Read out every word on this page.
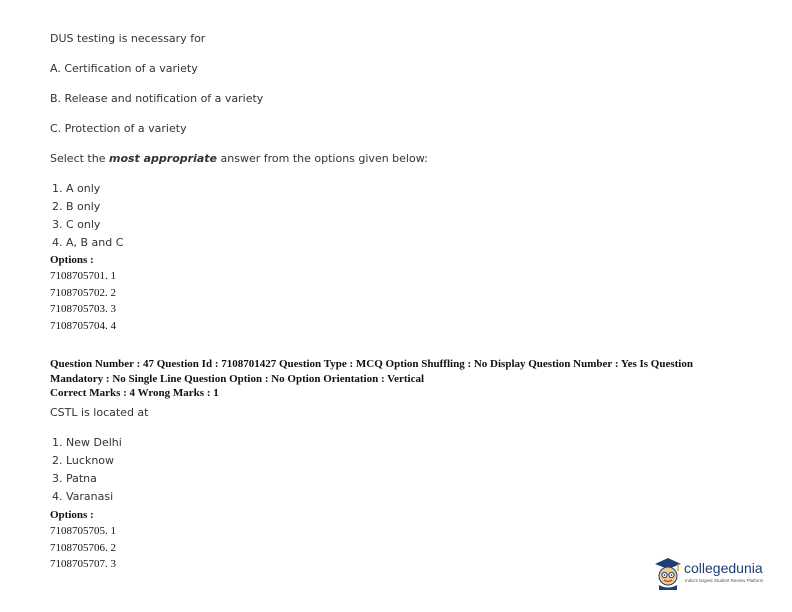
DUS testing is necessary for
A. Certification of a variety
B. Release and notification of a variety
C. Protection of a variety
Select the most appropriate answer from the options given below:
1. A only
2. B only
3. C only
4. A, B and C
Options :
7108705701. 1
7108705702. 2
7108705703. 3
7108705704. 4
Question Number : 47 Question Id : 7108701427 Question Type : MCQ Option Shuffling : No Display Question Number : Yes Is Question Mandatory : No Single Line Question Option : No Option Orientation : Vertical
Correct Marks : 4 Wrong Marks : 1
CSTL is located at
1. New Delhi
2. Lucknow
3. Patna
4. Varanasi
Options :
7108705705. 1
7108705706. 2
7108705707. 3	collegedunia
India's largest Student Review Platform
